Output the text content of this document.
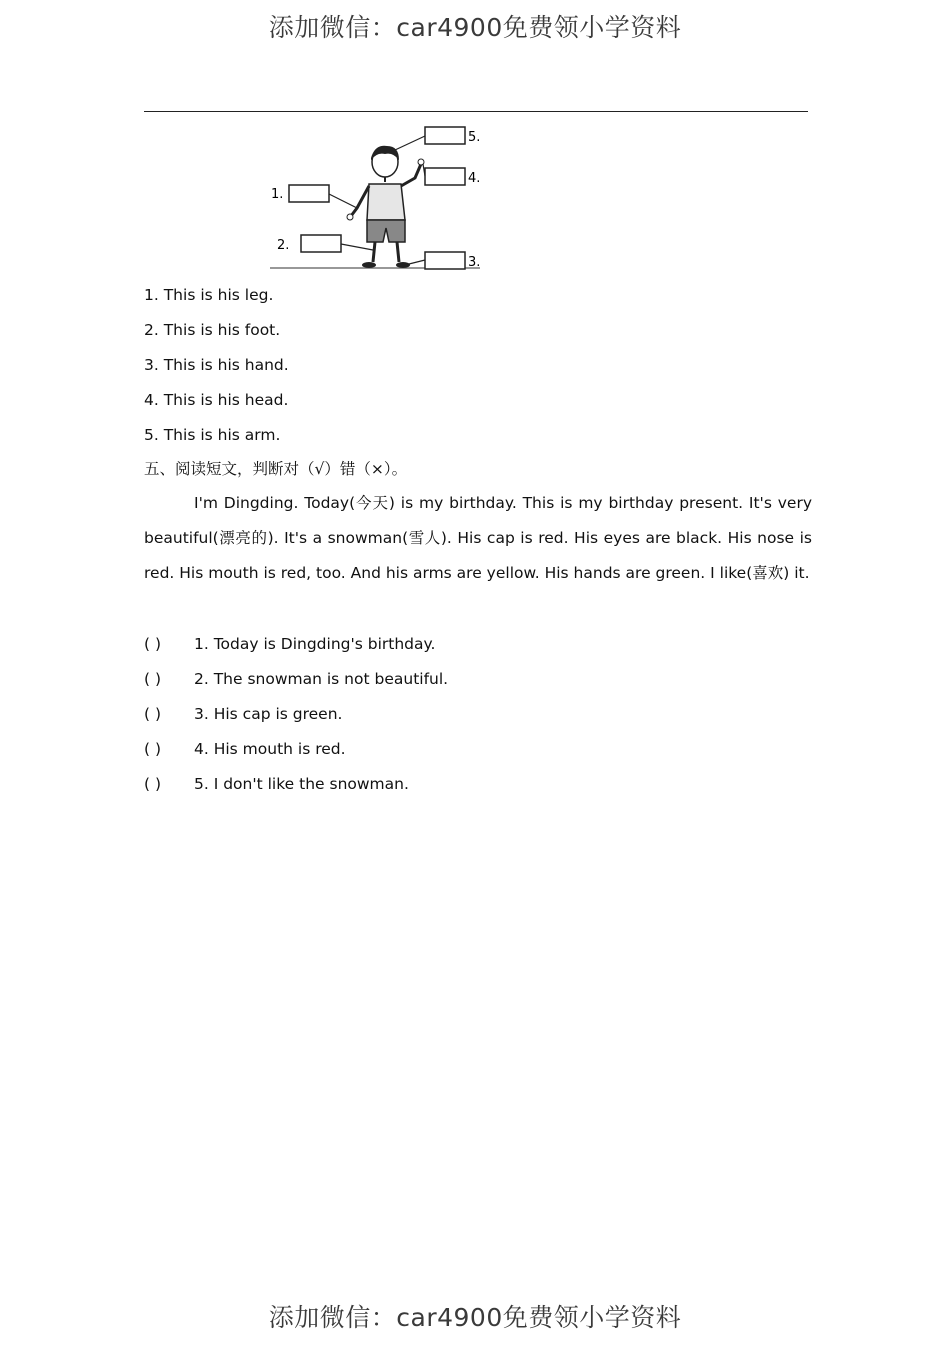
添加微信：car4900免费领小学资料
1.
2.
3.
4.
5.
1. This is his leg.
2. This is his foot.
3. This is his hand.
4. This is his head.
5. This is his arm.
五、阅读短文，判断对（√）错（×）。
I'm Dingding. Today(今天) is my birthday. This is my birthday present. It's very beautiful(漂亮的). It's a snowman(雪人). His cap is red. His eyes are black. His nose is red. His mouth is red, too. And his arms are yellow. His hands are green. I like(喜欢) it.
( ) 1. Today is Dingding's birthday.
( ) 2. The snowman is not beautiful.
( ) 3. His cap is green.
( ) 4. His mouth is red.
( ) 5. I don't like the snowman.
添加微信：car4900免费领小学资料
